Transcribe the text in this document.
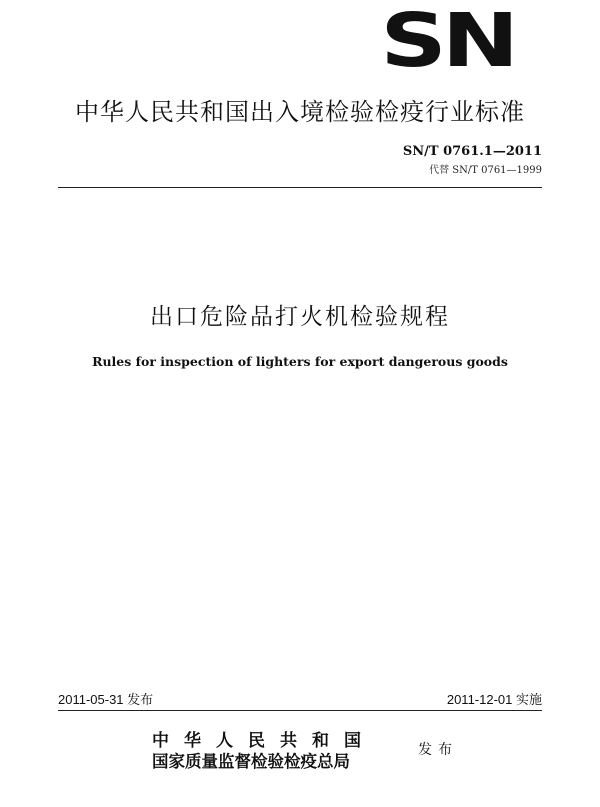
SN
中华人民共和国出入境检验检疫行业标准
SN/T 0761.1—2011
代替 SN/T 0761—1999
出口危险品打火机检验规程
Rules for inspection of lighters for export dangerous goods
2011-05-31 发布	2011-12-01 实施
中华人民共和国
国家质量监督检验检疫总局
发布
